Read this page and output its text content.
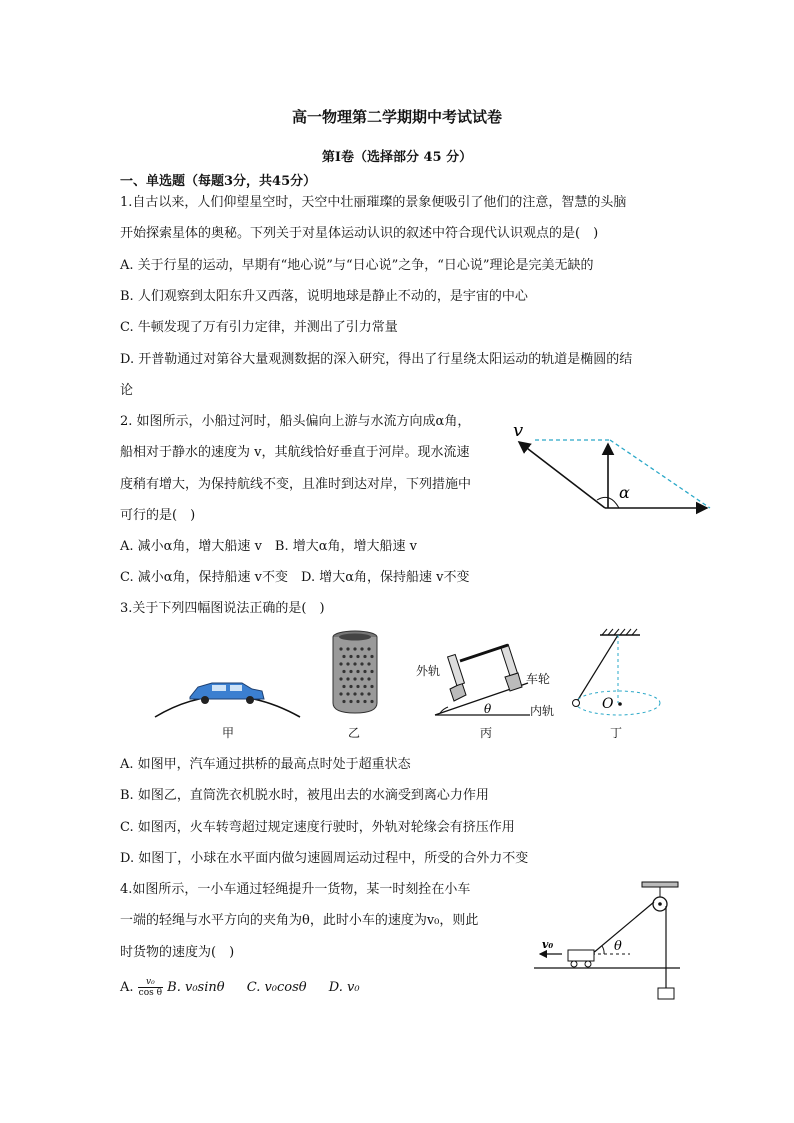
高一物理第二学期期中考试试卷
第Ⅰ卷（选择部分 45 分）
一、单选题（每题3分，共45分）
1.自古以来，人们仰望星空时，天空中壮丽璀璨的景象便吸引了他们的注意，智慧的头脑
开始探索星体的奥秘。下列关于对星体运动认识的叙述中符合现代认识观点的是(　)
A. 关于行星的运动，早期有“地心说”与“日心说”之争，“日心说”理论是完美无缺的
B. 人们观察到太阳东升又西落，说明地球是静止不动的，是宇宙的中心
C. 牛顿发现了万有引力定律，并测出了引力常量
D. 开普勒通过对第谷大量观测数据的深入研究，得出了行星绕太阳运动的轨道是椭圆的结
论
2. 如图所示，小船过河时，船头偏向上游与水流方向成α角，
船相对于静水的速度为 v，其航线恰好垂直于河岸。现水流速
度稍有增大，为保持航线不变，且准时到达对岸，下列措施中
可行的是(　)
A. 减小α角，增大船速 v　B. 增大α角，增大船速 v
C. 减小α角，保持船速 v不变　D. 增大α角，保持船速 v不变
v
α
3.关于下列四幅图说法正确的是(　)
外轨
车轮
内轨
θ	O
甲	乙	丙	丁
A. 如图甲，汽车通过拱桥的最高点时处于超重状态
B. 如图乙，直筒洗衣机脱水时，被甩出去的水滴受到离心力作用
C. 如图丙，火车转弯超过规定速度行驶时，外轨对轮缘会有挤压作用
D. 如图丁，小球在水平面内做匀速圆周运动过程中，所受的合外力不变
4.如图所示，一小车通过轻绳提升一货物，某一时刻拴在小车
一端的轻绳与水平方向的夹角为θ，此时小车的速度为v₀，则此
时货物的速度为(　)
A. $\frac{\text{v₀}}{\text{cos θ}} B$. v₀sinθ C. v₀cosθ D. v₀
v₀	θ
